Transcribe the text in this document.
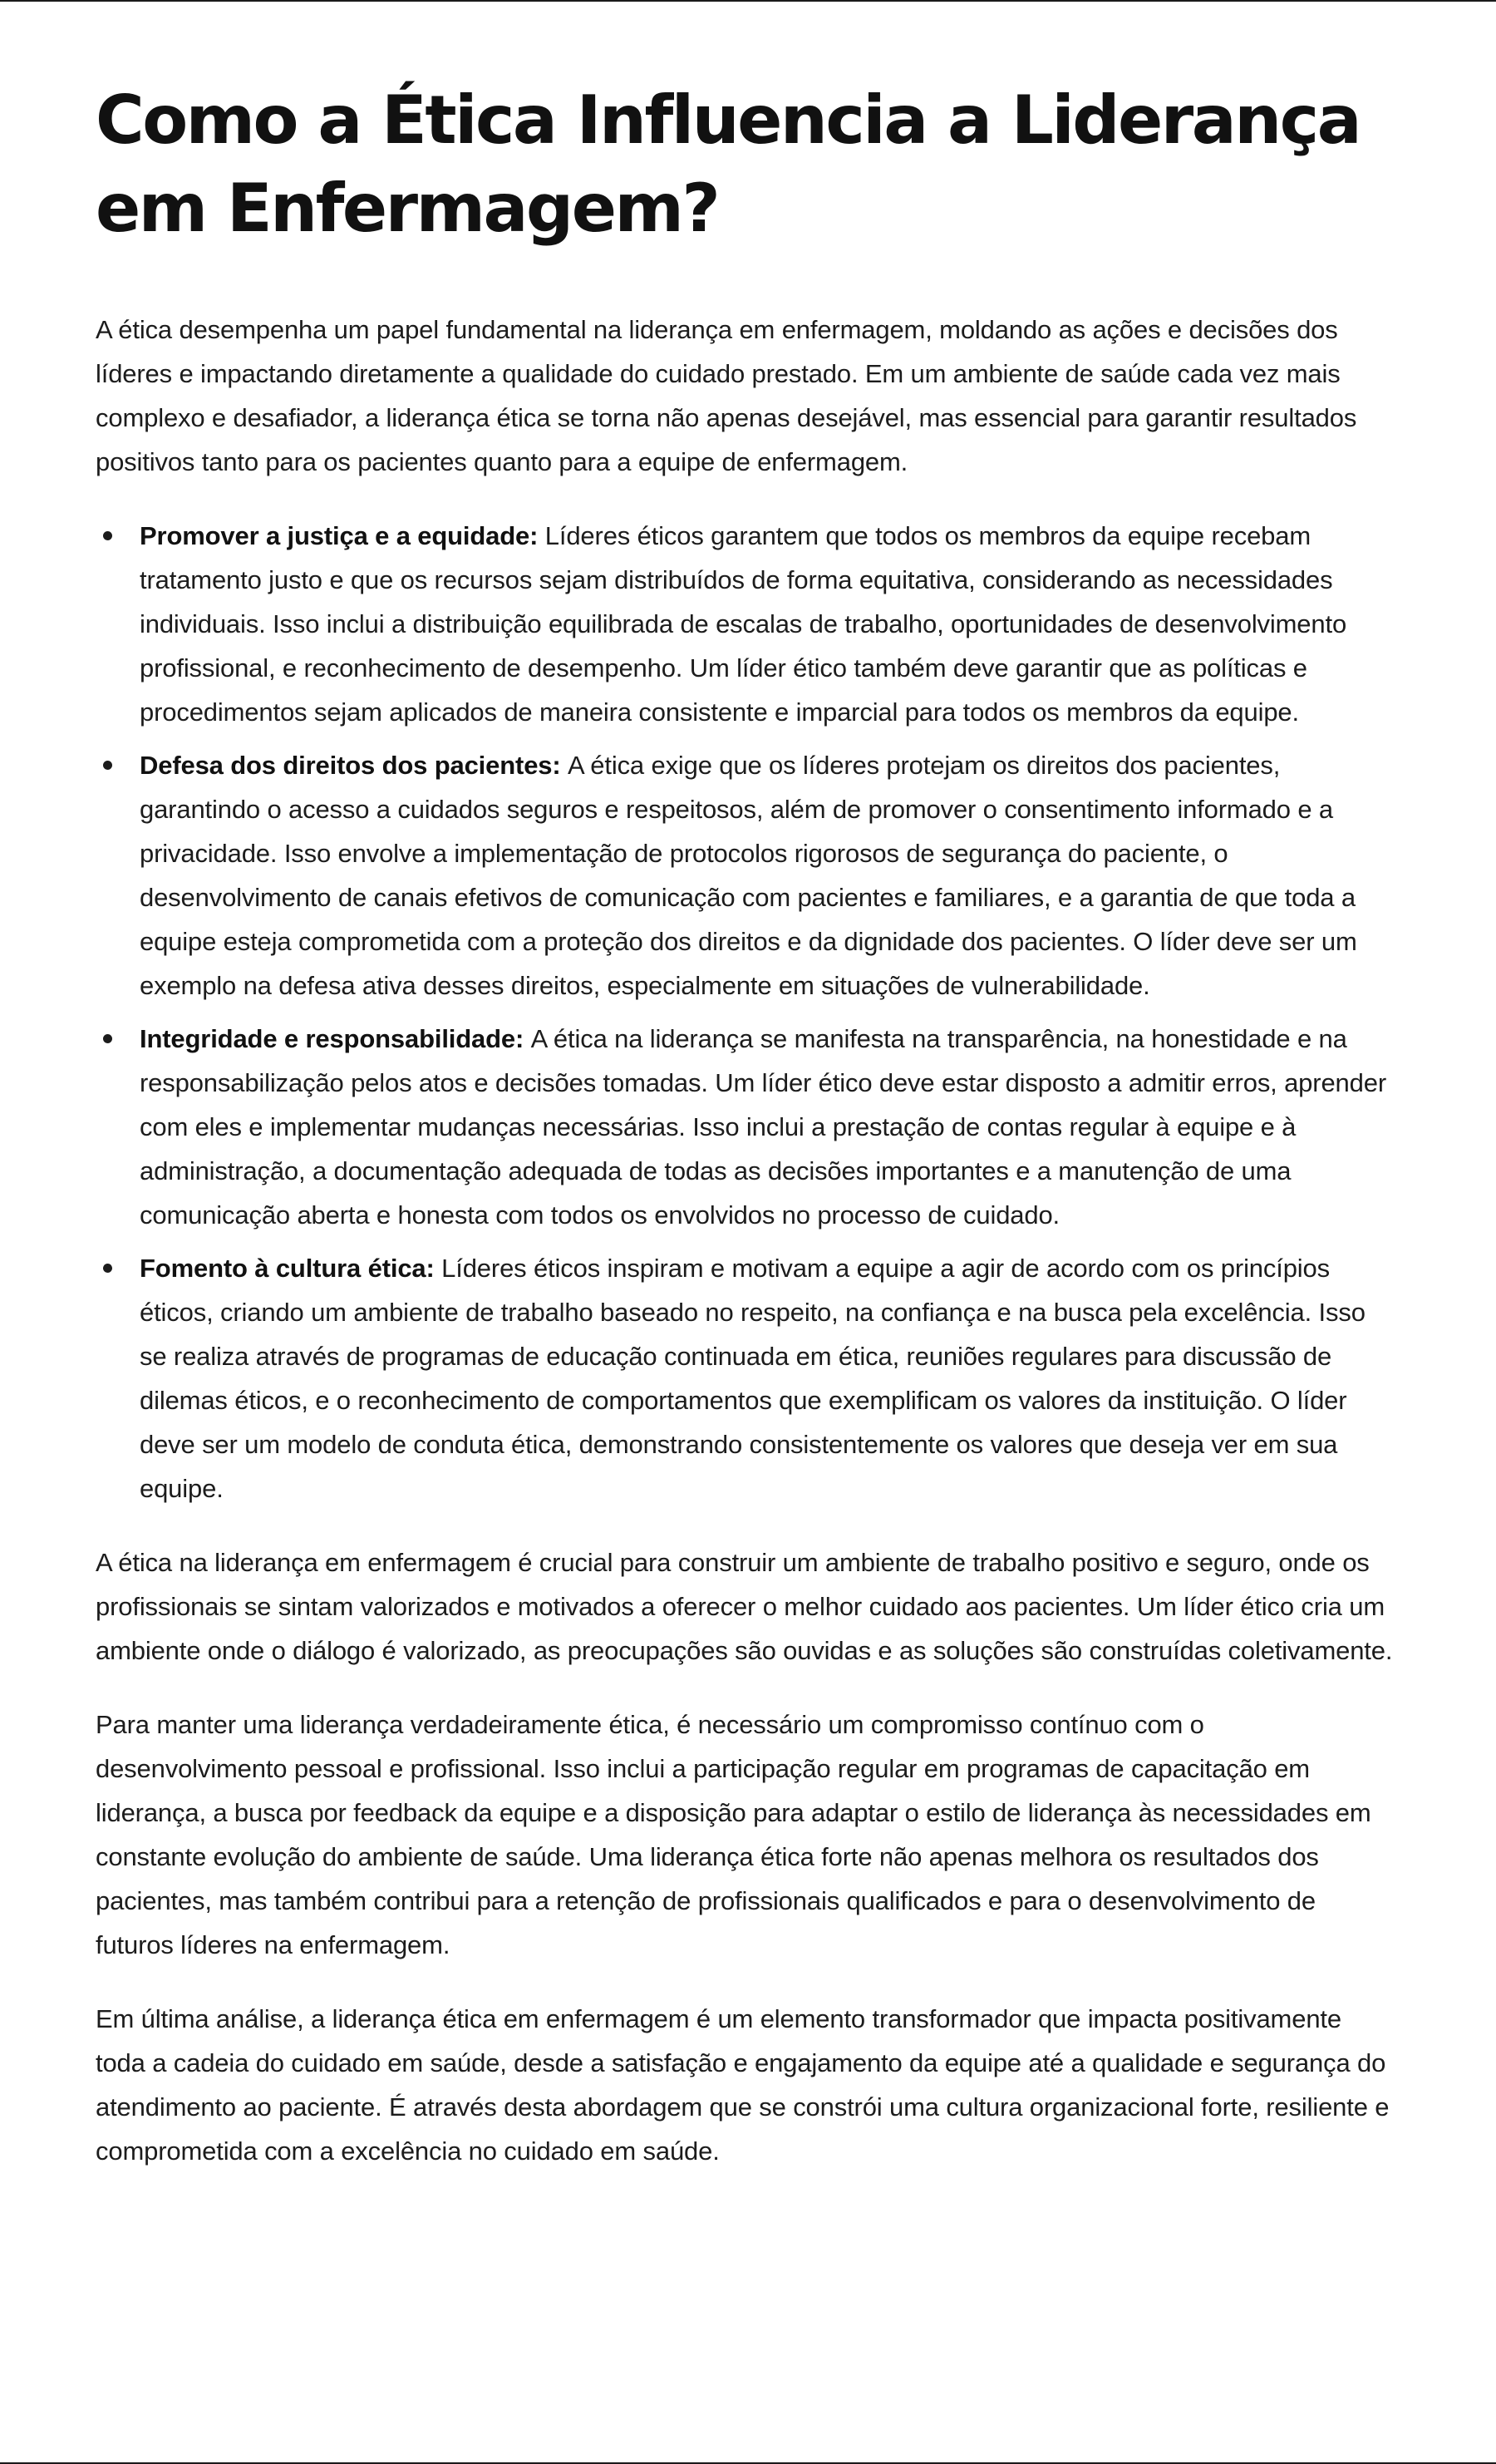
Como a Ética Influencia a Liderança em Enfermagem?

A ética desempenha um papel fundamental na liderança em enfermagem, moldando as ações e decisões dos líderes e impactando diretamente a qualidade do cuidado prestado. Em um ambiente de saúde cada vez mais complexo e desafiador, a liderança ética se torna não apenas desejável, mas essencial para garantir resultados positivos tanto para os pacientes quanto para a equipe de enfermagem.

Promover a justiça e a equidade: Líderes éticos garantem que todos os membros da equipe recebam tratamento justo e que os recursos sejam distribuídos de forma equitativa, considerando as necessidades individuais. Isso inclui a distribuição equilibrada de escalas de trabalho, oportunidades de desenvolvimento profissional, e reconhecimento de desempenho. Um líder ético também deve garantir que as políticas e procedimentos sejam aplicados de maneira consistente e imparcial para todos os membros da equipe.
Defesa dos direitos dos pacientes: A ética exige que os líderes protejam os direitos dos pacientes, garantindo o acesso a cuidados seguros e respeitosos, além de promover o consentimento informado e a privacidade. Isso envolve a implementação de protocolos rigorosos de segurança do paciente, o desenvolvimento de canais efetivos de comunicação com pacientes e familiares, e a garantia de que toda a equipe esteja comprometida com a proteção dos direitos e da dignidade dos pacientes. O líder deve ser um exemplo na defesa ativa desses direitos, especialmente em situações de vulnerabilidade.
Integridade e responsabilidade: A ética na liderança se manifesta na transparência, na honestidade e na responsabilização pelos atos e decisões tomadas. Um líder ético deve estar disposto a admitir erros, aprender com eles e implementar mudanças necessárias. Isso inclui a prestação de contas regular à equipe e à administração, a documentação adequada de todas as decisões importantes e a manutenção de uma comunicação aberta e honesta com todos os envolvidos no processo de cuidado.
Fomento à cultura ética: Líderes éticos inspiram e motivam a equipe a agir de acordo com os princípios éticos, criando um ambiente de trabalho baseado no respeito, na confiança e na busca pela excelência. Isso se realiza através de programas de educação continuada em ética, reuniões regulares para discussão de dilemas éticos, e o reconhecimento de comportamentos que exemplificam os valores da instituição. O líder deve ser um modelo de conduta ética, demonstrando consistentemente os valores que deseja ver em sua equipe.

A ética na liderança em enfermagem é crucial para construir um ambiente de trabalho positivo e seguro, onde os profissionais se sintam valorizados e motivados a oferecer o melhor cuidado aos pacientes. Um líder ético cria um ambiente onde o diálogo é valorizado, as preocupações são ouvidas e as soluções são construídas coletivamente.

Para manter uma liderança verdadeiramente ética, é necessário um compromisso contínuo com o desenvolvimento pessoal e profissional. Isso inclui a participação regular em programas de capacitação em liderança, a busca por feedback da equipe e a disposição para adaptar o estilo de liderança às necessidades em constante evolução do ambiente de saúde. Uma liderança ética forte não apenas melhora os resultados dos pacientes, mas também contribui para a retenção de profissionais qualificados e para o desenvolvimento de futuros líderes na enfermagem.

Em última análise, a liderança ética em enfermagem é um elemento transformador que impacta positivamente toda a cadeia do cuidado em saúde, desde a satisfação e engajamento da equipe até a qualidade e segurança do atendimento ao paciente. É através desta abordagem que se constrói uma cultura organizacional forte, resiliente e comprometida com a excelência no cuidado em saúde.
